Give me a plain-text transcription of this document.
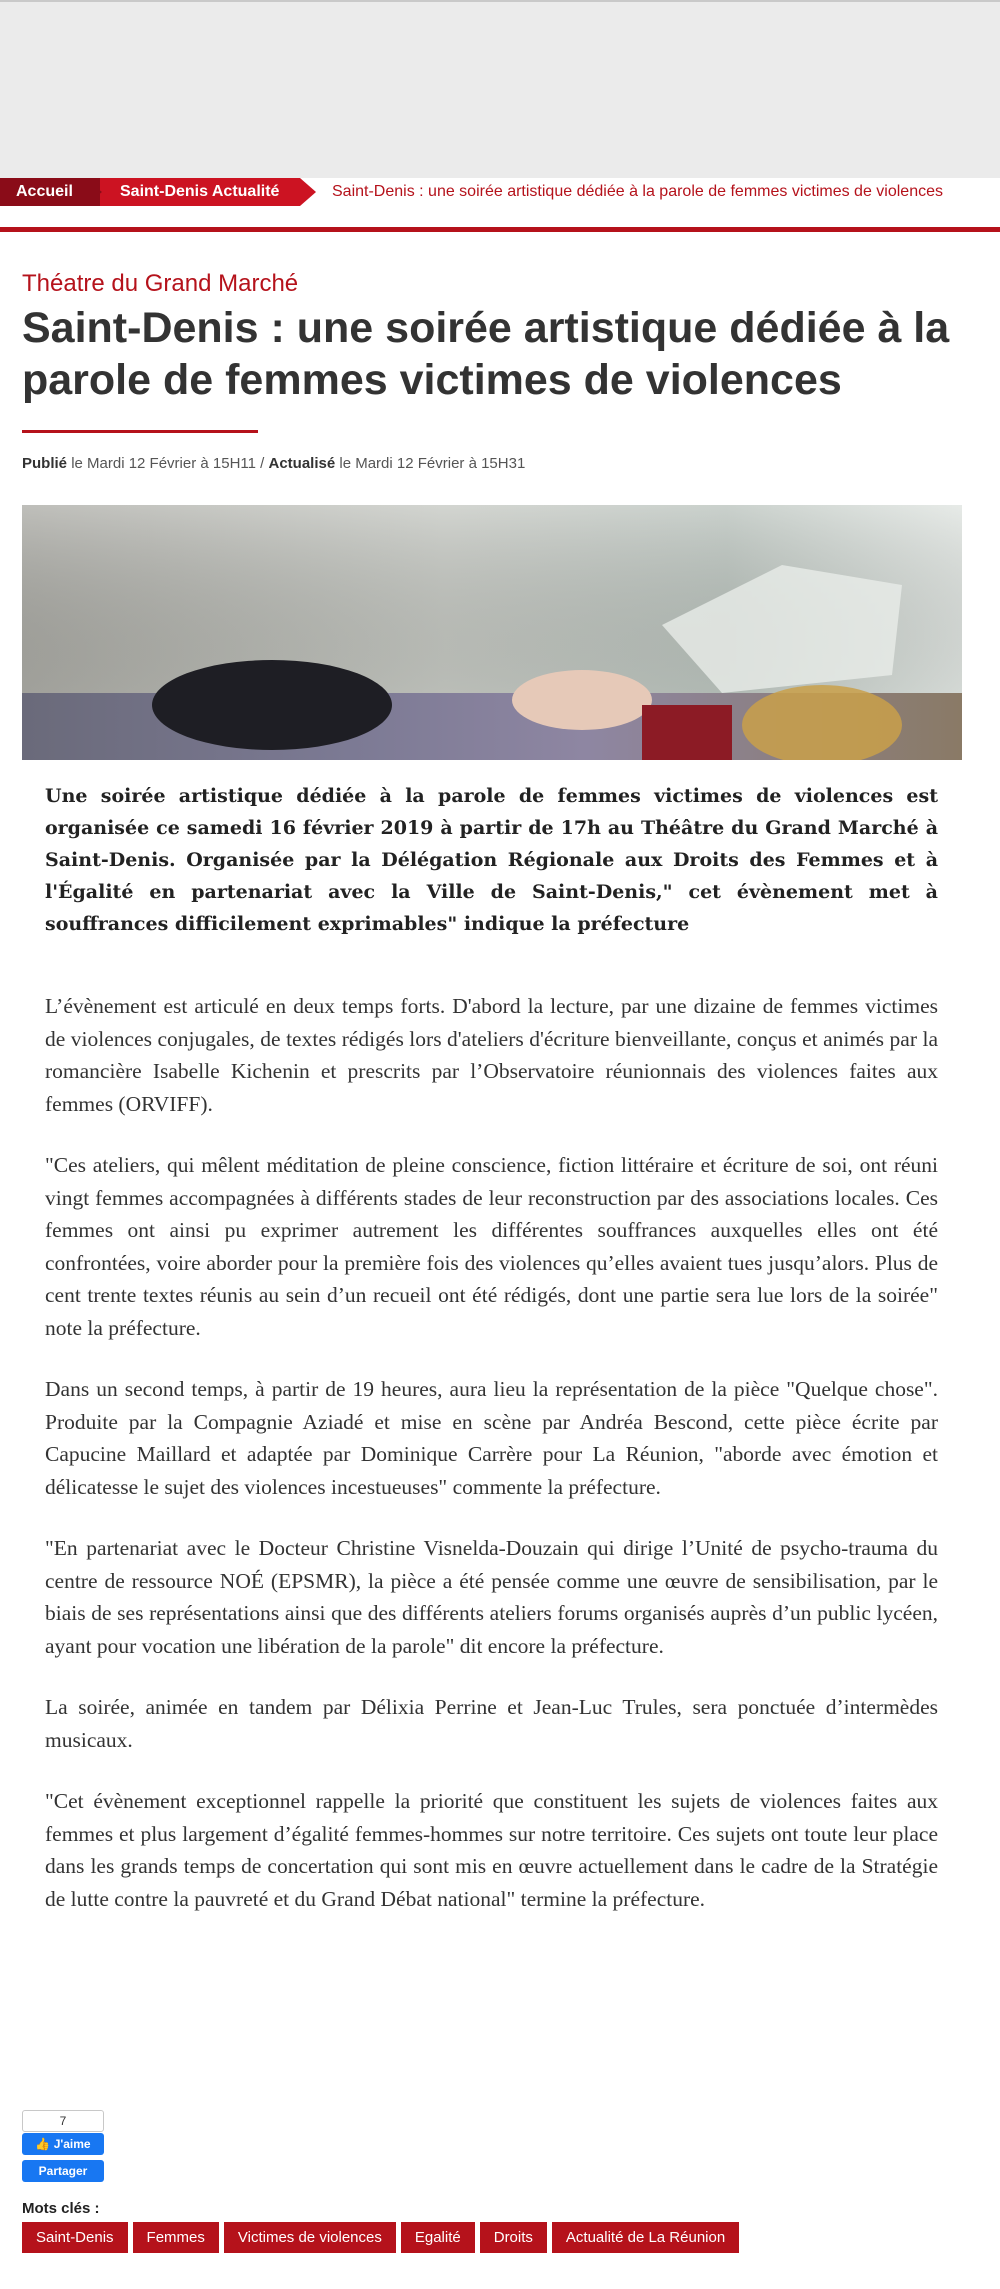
Accueil	Saint-Denis Actualité	Saint-Denis : une soirée artistique dédiée à la parole de femmes victimes de violences
Théatre du Grand Marché
Saint-Denis : une soirée artistique dédiée à la parole de femmes victimes de violences
Publié le Mardi 12 Février à 15H11 / Actualisé le Mardi 12 Février à 15H31

Une soirée artistique dédiée à la parole de femmes victimes de violences est organisée ce samedi 16 février 2019 à partir de 17h au Théâtre du Grand Marché à Saint-Denis. Organisée par la Délégation Régionale aux Droits des Femmes et à l'Égalité en partenariat avec la Ville de Saint-Denis," cet évènement met à souffrances difficilement exprimables" indique la préfecture

L’évènement est articulé en deux temps forts. D'abord la lecture, par une dizaine de femmes victimes de violences conjugales, de textes rédigés lors d'ateliers d'écriture bienveillante, conçus et animés par la romancière Isabelle Kichenin et prescrits par l’Observatoire réunionnais des violences faites aux femmes (ORVIFF).

"Ces ateliers, qui mêlent méditation de pleine conscience, fiction littéraire et écriture de soi, ont réuni vingt femmes accompagnées à différents stades de leur reconstruction par des associations locales. Ces femmes ont ainsi pu exprimer autrement les différentes souffrances auxquelles elles ont été confrontées, voire aborder pour la première fois des violences qu’elles avaient tues jusqu’alors. Plus de cent trente textes réunis au sein d’un recueil ont été rédigés, dont une partie sera lue lors de la soirée" note la préfecture.

Dans un second temps, à partir de 19 heures, aura lieu la représentation de la pièce "Quelque chose". Produite par la Compagnie Aziadé et mise en scène par Andréa Bescond, cette pièce écrite par Capucine Maillard et adaptée par Dominique Carrère pour La Réunion, "aborde avec émotion et délicatesse le sujet des violences incestueuses" commente la préfecture.

"En partenariat avec le Docteur Christine Visnelda-Douzain qui dirige l’Unité de psycho-trauma du centre de ressource NOÉ (EPSMR), la pièce a été pensée comme une œuvre de sensibilisation, par le biais de ses représentations ainsi que des différents ateliers forums organisés auprès d’un public lycéen, ayant pour vocation une libération de la parole" dit encore la préfecture.

La soirée, animée en tandem par Délixia Perrine et Jean-Luc Trules, sera ponctuée d’intermèdes musicaux.

"Cet évènement exceptionnel rappelle la priorité que constituent les sujets de violences faites aux femmes et plus largement d’égalité femmes-hommes sur notre territoire. Ces sujets ont toute leur place dans les grands temps de concertation qui sont mis en œuvre actuellement dans le cadre de la Stratégie de lutte contre la pauvreté et du Grand Débat national" termine la préfecture.

7
👍 J'aime
Partager
Mots clés :
Saint-Denis	Femmes	Victimes de violences	Egalité	Droits	Actualité de La Réunion
